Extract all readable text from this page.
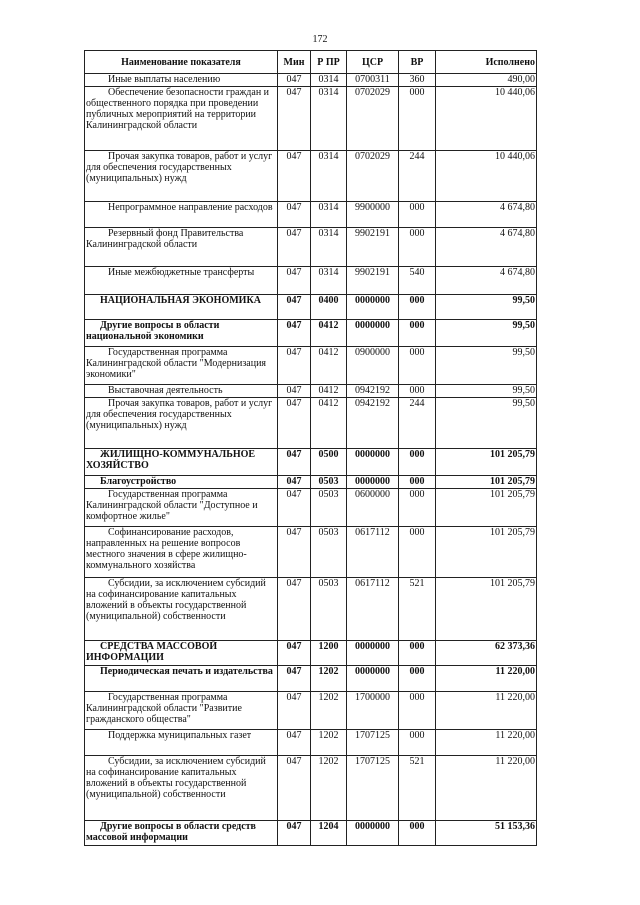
172
Наименование показателя	Мин	Р ПР	ЦСР	ВР	Исполнено
Иные выплаты населению	047	0314	0700311	360	490,00
Обеспечение безопасности граждан и общественного порядка при проведении публичных мероприятий на территории Калининградской области	047	0314	0702029	000	10 440,06
Прочая закупка товаров, работ и услуг для обеспечения государственных (муниципальных) нужд	047	0314	0702029	244	10 440,06
Непрограммное направление расходов	047	0314	9900000	000	4 674,80
Резервный фонд Правительства Калининградской области	047	0314	9902191	000	4 674,80
Иные межбюджетные трансферты	047	0314	9902191	540	4 674,80
НАЦИОНАЛЬНАЯ ЭКОНОМИКА	047	0400	0000000	000	99,50
Другие вопросы в области национальной экономики	047	0412	0000000	000	99,50
Государственная программа Калининградской области "Модернизация экономики"	047	0412	0900000	000	99,50
Выставочная деятельность	047	0412	0942192	000	99,50
Прочая закупка товаров, работ и услуг для обеспечения государственных (муниципальных) нужд	047	0412	0942192	244	99,50
ЖИЛИЩНО-КОММУНАЛЬНОЕ ХОЗЯЙСТВО	047	0500	0000000	000	101 205,79
Благоустройство	047	0503	0000000	000	101 205,79
Государственная программа Калининградской области "Доступное и комфортное жилье"	047	0503	0600000	000	101 205,79
Софинансирование расходов, направленных на решение вопросов местного значения в сфере жилищно-коммунального хозяйства	047	0503	0617112	000	101 205,79
Субсидии, за исключением субсидий на софинансирование капитальных вложений в объекты государственной (муниципальной) собственности	047	0503	0617112	521	101 205,79
СРЕДСТВА МАССОВОЙ ИНФОРМАЦИИ	047	1200	0000000	000	62 373,36
Периодическая печать и издательства	047	1202	0000000	000	11 220,00
Государственная программа Калининградской области "Развитие гражданского общества"	047	1202	1700000	000	11 220,00
Поддержка муниципальных газет	047	1202	1707125	000	11 220,00
Субсидии, за исключением субсидий на софинансирование капитальных вложений в объекты государственной (муниципальной) собственности	047	1202	1707125	521	11 220,00
Другие вопросы в области средств массовой информации	047	1204	0000000	000	51 153,36
